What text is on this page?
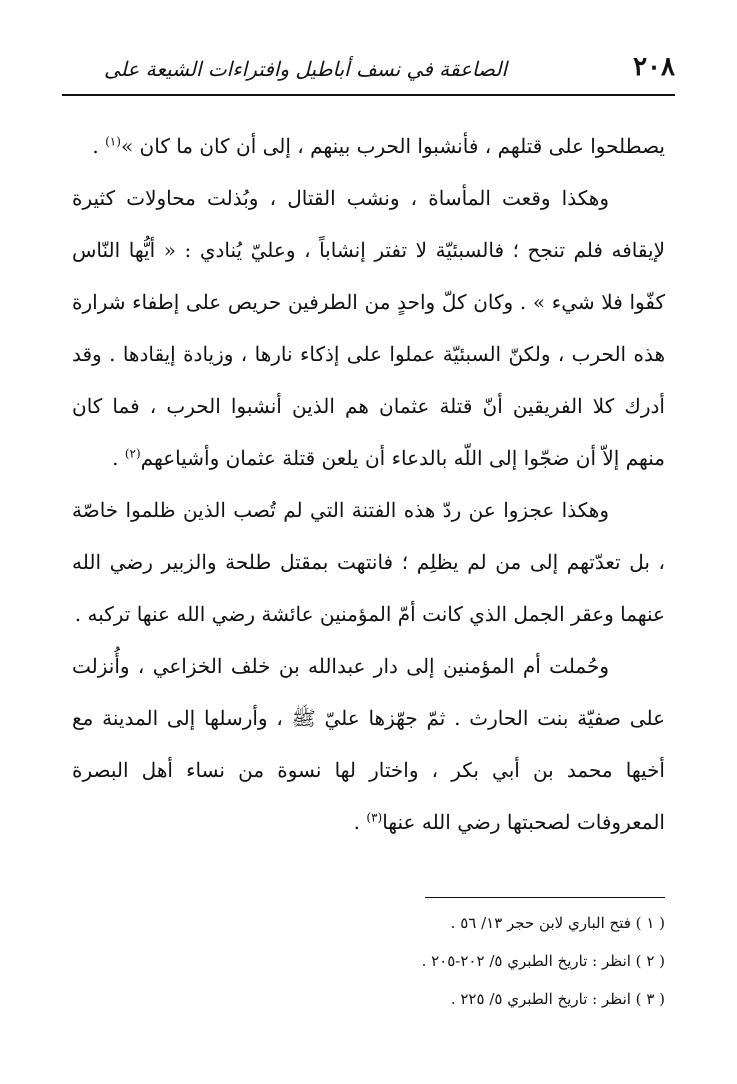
٢٠٨
الصاعقة في نسف أباطيل وافتراءات الشيعة على

يصطلحوا على قتلهم ، فأنشبوا الحرب بينهم ، إلى أن كان ما كان »$^{(١)}$ .

وهكذا وقعت المأساة ، ونشب القتال ، وبُذلت محاولات كثيرة لإيقافه فلم تنجح ؛ فالسبئيّة لا تفتر إنشاباً ، وعليّ يُنادي : « أيُّها النّاس كفّوا فلا شيء » . وكان كلّ واحدٍ من الطرفين حريص على إطفاء شرارة هذه الحرب ، ولكنّ السبئيّة عملوا على إذكاء نارها ، وزيادة إيقادها . وقد أدرك كلا الفريقين أنّ قتلة عثمان هم الذين أنشبوا الحرب ، فما كان منهم إلاّ أن ضجّوا إلى اللّه بالدعاء أن يلعن قتلة عثمان وأشياعهم$^{(٢)}$ .

وهكذا عجزوا عن ردّ هذه الفتنة التي لم تُصب الذين ظلموا خاصّة ، بل تعدّتهم إلى من لم يظلِم ؛ فانتهت بمقتل طلحة والزبير رضي الله عنهما وعقر الجمل الذي كانت أمّ المؤمنين عائشة رضي الله عنها تركبه .

وحُملت أم المؤمنين إلى دار عبدالله بن خلف الخزاعي ، وأُنزلت على صفيّة بنت الحارث . ثمّ جهّزها عليّ ﷺ ، وأرسلها إلى المدينة مع أخيها محمد بن أبي بكر ، واختار لها نسوة من نساء أهل البصرة المعروفات لصحبتها رضي الله عنها$^{(٣)}$ .

( ١ ) فتح الباري لابن حجر ١٣/ ٥٦ .

( ٢ ) انظر : تاريخ الطبري ٥/ ٢٠٢-٢٠٥ .

( ٣ ) انظر : تاريخ الطبري ٥/ ٢٢٥ .
